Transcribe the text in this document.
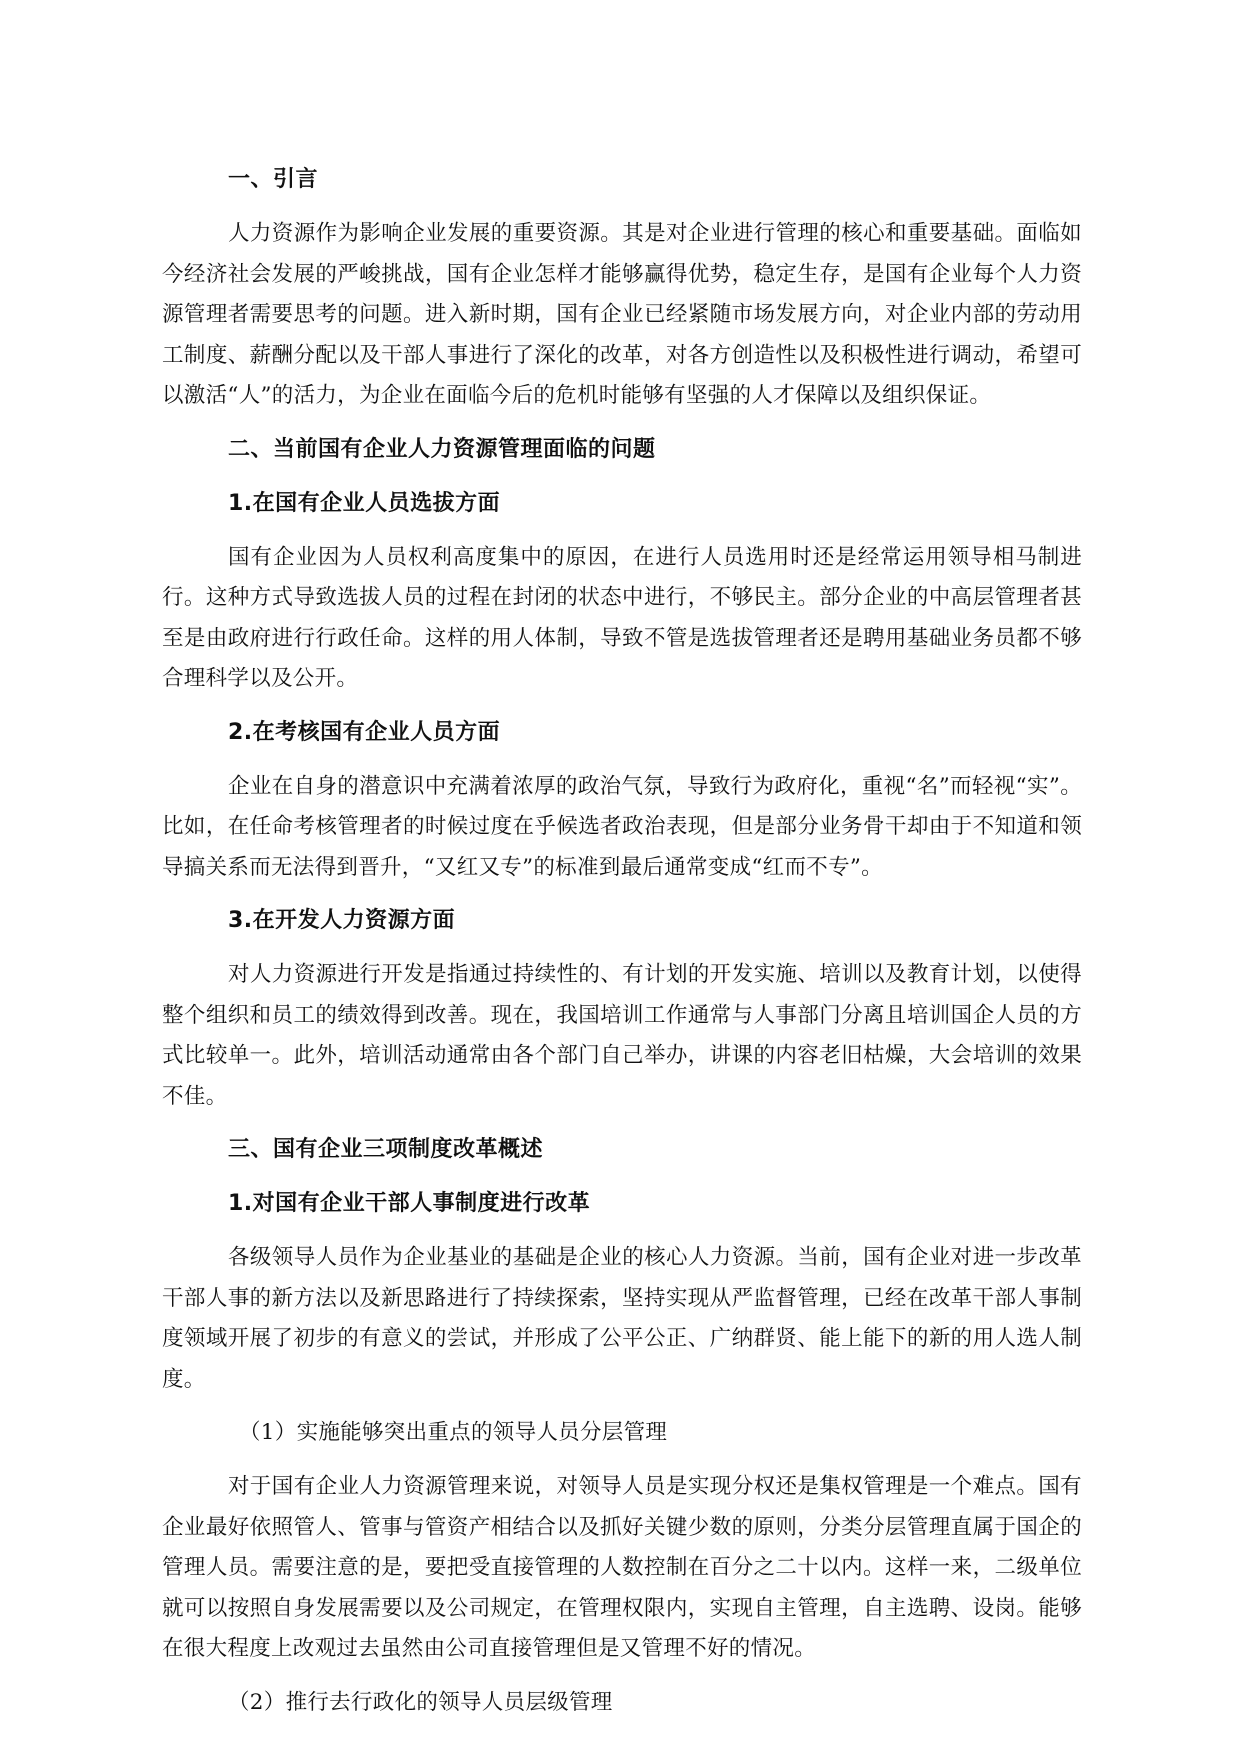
一、引言

人力资源作为影响企业发展的重要资源。其是对企业进行管理的核心和重要基础。面临如今经济社会发展的严峻挑战，国有企业怎样才能够赢得优势，稳定生存，是国有企业每个人力资源管理者需要思考的问题。进入新时期，国有企业已经紧随市场发展方向，对企业内部的劳动用工制度、薪酬分配以及干部人事进行了深化的改革，对各方创造性以及积极性进行调动，希望可以激活“人”的活力，为企业在面临今后的危机时能够有坚强的人才保障以及组织保证。

二、当前国有企业人力资源管理面临的问题
1.在国有企业人员选拔方面

国有企业因为人员权利高度集中的原因，在进行人员选用时还是经常运用领导相马制进行。这种方式导致选拔人员的过程在封闭的状态中进行，不够民主。部分企业的中高层管理者甚至是由政府进行行政任命。这样的用人体制，导致不管是选拔管理者还是聘用基础业务员都不够合理科学以及公开。

2.在考核国有企业人员方面

企业在自身的潜意识中充满着浓厚的政治气氛，导致行为政府化，重视“名”而轻视“实”。比如，在任命考核管理者的时候过度在乎候选者政治表现，但是部分业务骨干却由于不知道和领导搞关系而无法得到晋升，“又红又专”的标准到最后通常变成“红而不专”。

3.在开发人力资源方面

对人力资源进行开发是指通过持续性的、有计划的开发实施、培训以及教育计划，以使得整个组织和员工的绩效得到改善。现在，我国培训工作通常与人事部门分离且培训国企人员的方式比较单一。此外，培训活动通常由各个部门自己举办，讲课的内容老旧枯燥，大会培训的效果不佳。

三、国有企业三项制度改革概述
1.对国有企业干部人事制度进行改革

各级领导人员作为企业基业的基础是企业的核心人力资源。当前，国有企业对进一步改革干部人事的新方法以及新思路进行了持续探索，坚持实现从严监督管理，已经在改革干部人事制度领域开展了初步的有意义的尝试，并形成了公平公正、广纳群贤、能上能下的新的用人选人制度。

（1）实施能够突出重点的领导人员分层管理

对于国有企业人力资源管理来说，对领导人员是实现分权还是集权管理是一个难点。国有企业最好依照管人、管事与管资产相结合以及抓好关键少数的原则，分类分层管理直属于国企的管理人员。需要注意的是，要把受直接管理的人数控制在百分之二十以内。这样一来，二级单位就可以按照自身发展需要以及公司规定，在管理权限内，实现自主管理，自主选聘、设岗。能够在很大程度上改观过去虽然由公司直接管理但是又管理不好的情况。

（2）推行去行政化的领导人员层级管理
